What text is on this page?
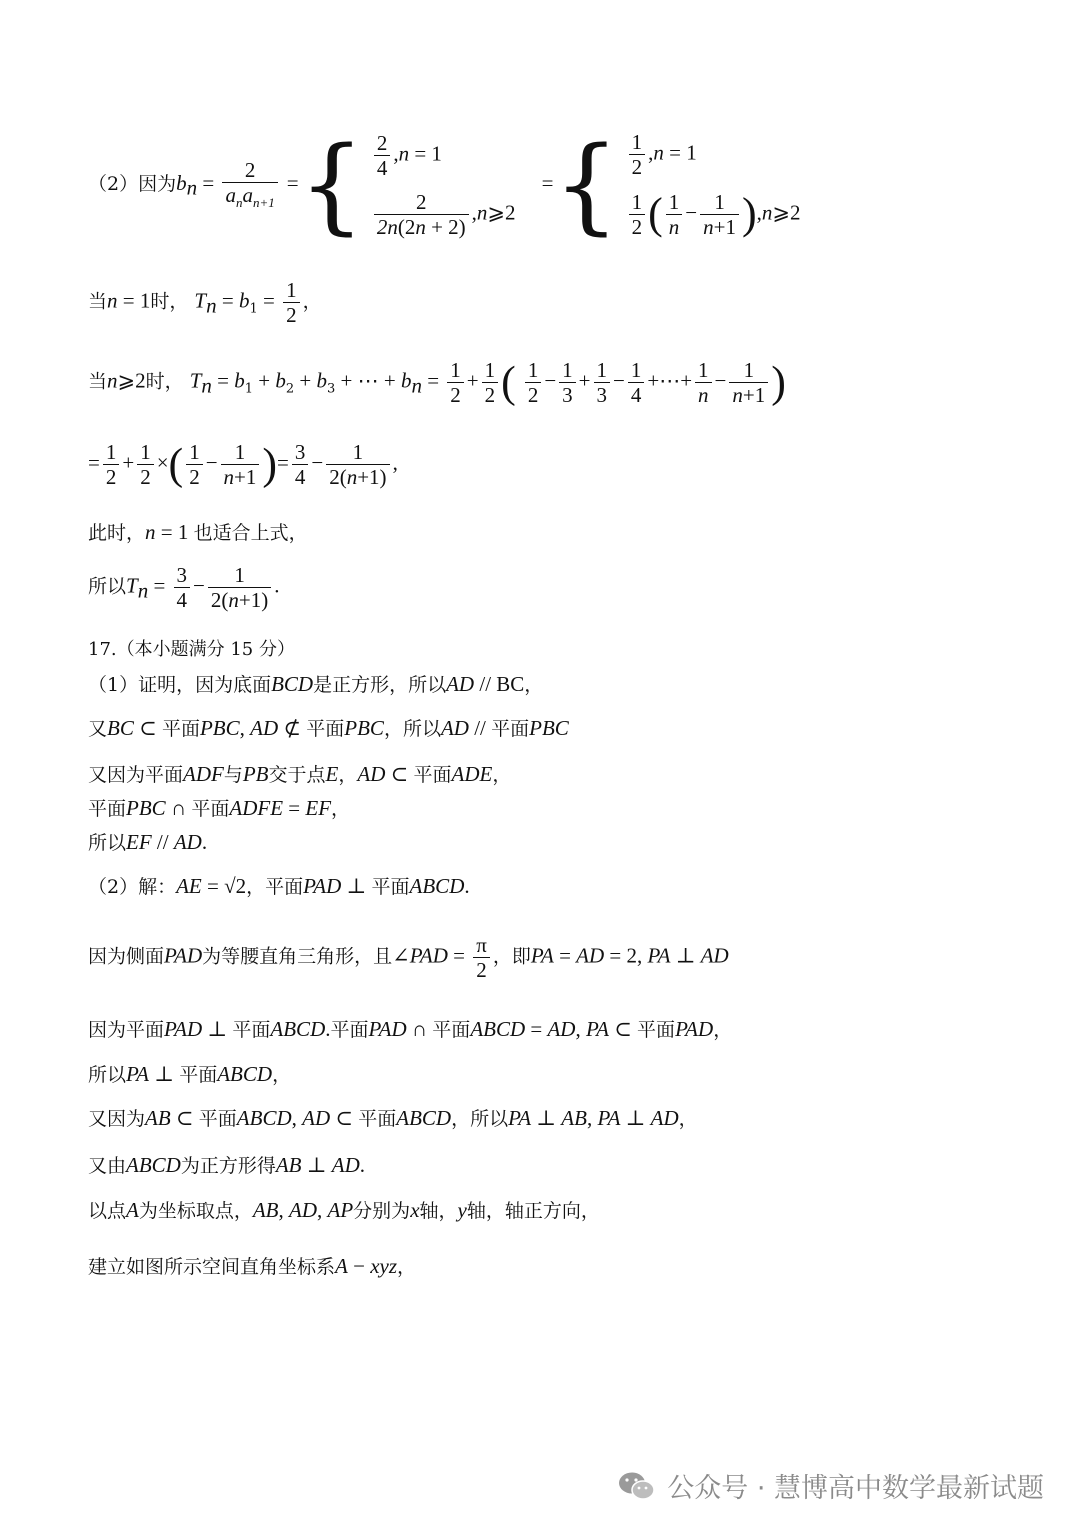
（2）因为$b_n = \frac{2}{a_na_{n+1}}$ ={ $\frac{2}{4} ,n = 1$
$\frac{2}{2n(2n + 2)}$ ,n⩾2
={ $\frac{1}{2} ,n = 1$
$\frac{1}{2}$ ( $\frac{1}{n} - \frac{1}{n+1}$ ),n⩾2
当n = 1时， $T_n = b_1 = \frac{1}{2}$ ，
当n⩾2时， $T_n = b_1 + b_2 + b_3$ + ⋯ + $b_n = \frac{1}{2} + \frac{1}{2}$ ( $\frac{1}{2} - \frac{1}{3} + \frac{1}{3} - \frac{1}{4}$ +⋯+ $\frac{1}{n} - \frac{1}{n+1}$ )
= $\frac{1}{2} + \frac{1}{2}$ ×( $\frac{1}{2} - \frac{1}{n+1}$ )= $\frac{3}{4} - \frac{1}{2(n+1)}$ ,
此时，n = 1 也适合上式，
所以$T_n = \frac{3}{4} - \frac{1}{2(n+1)}$ .
17.（本小题满分 15 分）
（1）证明，因为底面BCD是正方形，所以AD // BC，
又BC ⊂ 平面PBC, AD ⊄ 平面PBC，所以AD // 平面PBC
又因为平面ADF与PB交于点E，AD ⊂ 平面ADE，
平面PBC ∩ 平面ADFE = EF，
所以EF // AD.
（2）解：AE = √2，平面PAD ⊥ 平面ABCD.
因为侧面PAD为等腰直角三角形，且∠PAD = $\frac{\pi}{2}$ ，即PA = AD = 2, PA ⊥ AD
因为平面PAD ⊥ 平面ABCD.平面PAD ∩ 平面ABCD = AD, PA ⊂ 平面PAD，
所以PA ⊥ 平面ABCD，
又因为AB ⊂ 平面ABCD, AD ⊂ 平面ABCD，所以PA ⊥ AB, PA ⊥ AD，
又由ABCD为正方形得AB ⊥ AD.
以点A为坐标取点，AB, AD, AP分别为x轴，y轴，轴正方向，
建立如图所示空间直角坐标系A − xyz，
公众号 · 慧博高中数学最新试题
